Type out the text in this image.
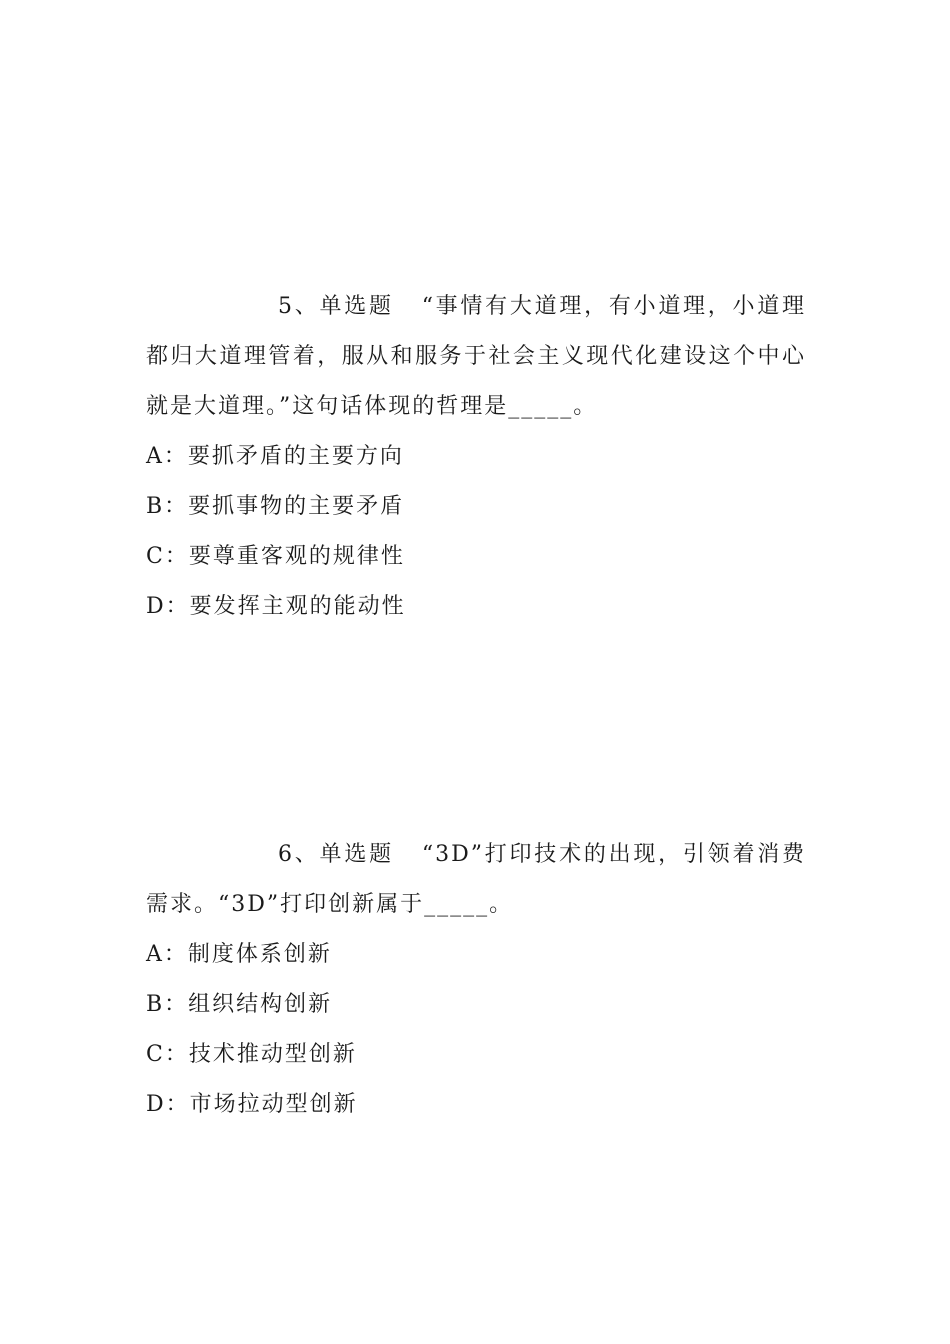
5、单选题 “事情有大道理，有小道理，小道理都归大道理管着，服从和服务于社会主义现代化建设这个中心就是大道理。”这句话体现的哲理是_____。

A：要抓矛盾的主要方向
B：要抓事物的主要矛盾
C：要尊重客观的规律性
D：要发挥主观的能动性

6、单选题 “3D”打印技术的出现，引领着消费需求。“3D”打印创新属于_____。

A：制度体系创新
B：组织结构创新
C：技术推动型创新
D：市场拉动型创新
